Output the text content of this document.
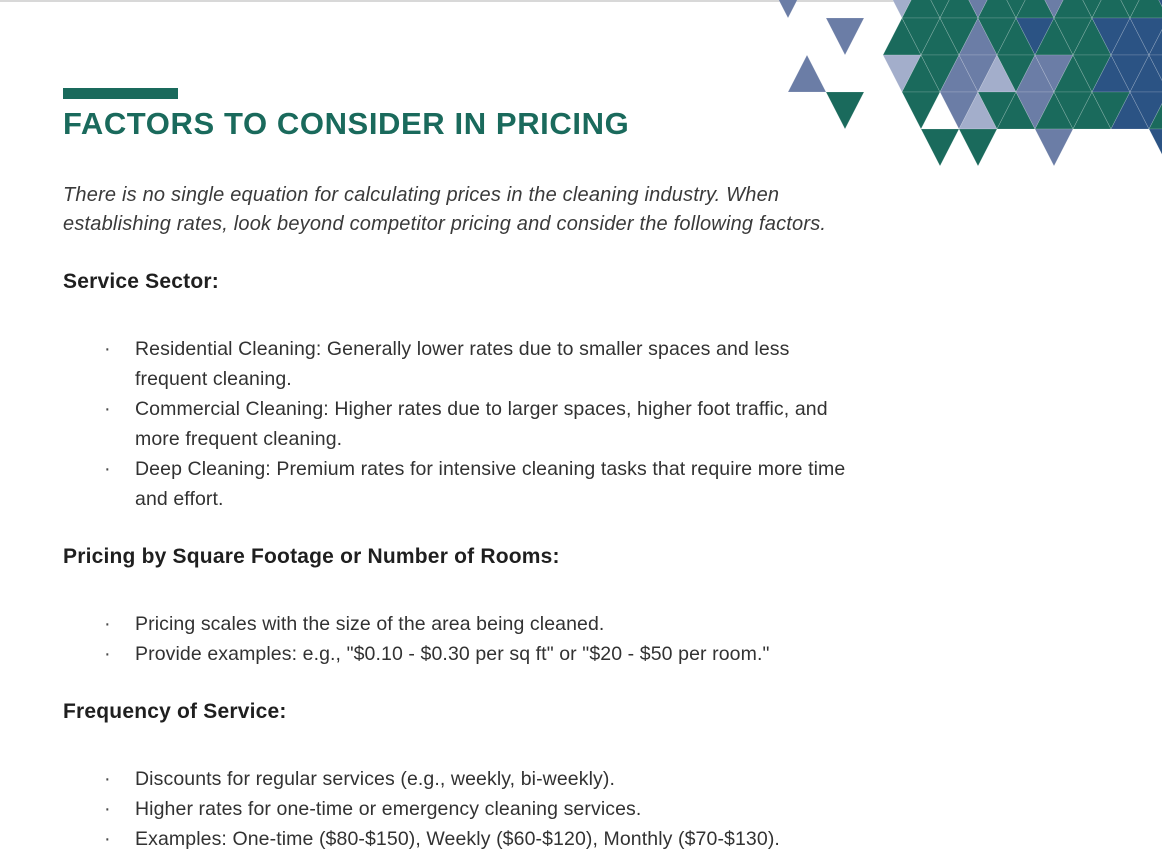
FACTORS TO CONSIDER IN PRICING

There is no single equation for calculating prices in the cleaning industry. When
establishing rates, look beyond competitor pricing and consider the following factors.

Service Sector:
· Residential Cleaning: Generally lower rates due to smaller spaces and less
frequent cleaning.
· Commercial Cleaning: Higher rates due to larger spaces, higher foot traffic, and
more frequent cleaning.
· Deep Cleaning: Premium rates for intensive cleaning tasks that require more time
and effort.
Pricing by Square Footage or Number of Rooms:
· Pricing scales with the size of the area being cleaned.
· Provide examples: e.g., "$0.10 - $0.30 per sq ft" or "$20 - $50 per room."
Frequency of Service:
· Discounts for regular services (e.g., weekly, bi-weekly).
· Higher rates for one-time or emergency cleaning services.
· Examples: One-time ($80-$150), Weekly ($60-$120), Monthly ($70-$130).
